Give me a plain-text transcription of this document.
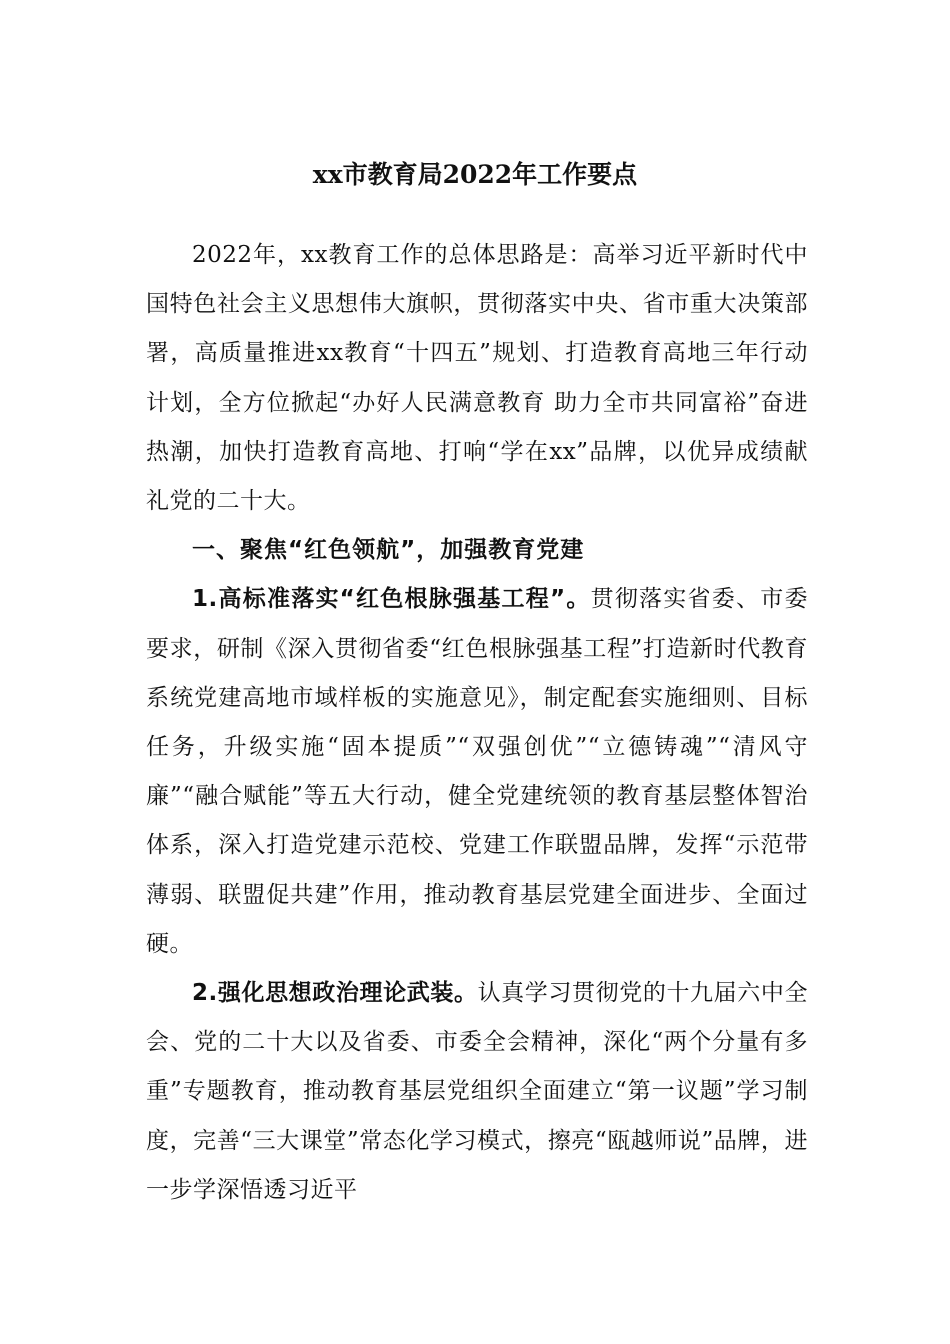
xx市教育局2022年工作要点

2022年，xx教育工作的总体思路是：高举习近平新时代中国特色社会主义思想伟大旗帜，贯彻落实中央、省市重大决策部署，高质量推进xx教育“十四五”规划、打造教育高地三年行动计划，全方位掀起“办好人民满意教育 助力全市共同富裕”奋进热潮，加快打造教育高地、打响“学在xx”品牌，以优异成绩献礼党的二十大。

一、聚焦“红色领航”，加强教育党建

1.高标准落实“红色根脉强基工程”。贯彻落实省委、市委要求，研制《深入贯彻省委“红色根脉强基工程”打造新时代教育系统党建高地市域样板的实施意见》，制定配套实施细则、目标任务，升级实施“固本提质”“双强创优”“立德铸魂”“清风守廉”“融合赋能”等五大行动，健全党建统领的教育基层整体智治体系，深入打造党建示范校、党建工作联盟品牌，发挥“示范带薄弱、联盟促共建”作用，推动教育基层党建全面进步、全面过硬。

2.强化思想政治理论武装。认真学习贯彻党的十九届六中全会、党的二十大以及省委、市委全会精神，深化“两个分量有多重”专题教育，推动教育基层党组织全面建立“第一议题”学习制度，完善“三大课堂”常态化学习模式，擦亮“瓯越师说”品牌，进一步学深悟透习近平
